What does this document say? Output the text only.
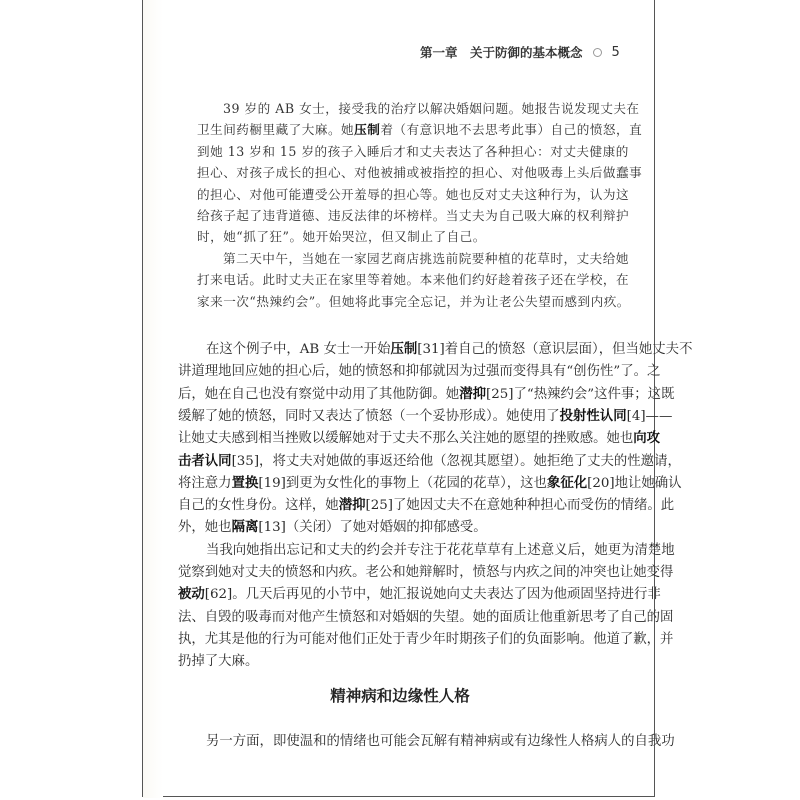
第一章　关于防御的基本概念 5
39 岁的 AB 女士，接受我的治疗以解决婚姻问题。她报告说发现丈夫在
卫生间药橱里藏了大麻。她压制着（有意识地不去思考此事）自己的愤怒，直
到她 13 岁和 15 岁的孩子入睡后才和丈夫表达了各种担心：对丈夫健康的
担心、对孩子成长的担心、对他被捕或被指控的担心、对他吸毒上头后做蠢事
的担心、对他可能遭受公开羞辱的担心等。她也反对丈夫这种行为，认为这
给孩子起了违背道德、违反法律的坏榜样。当丈夫为自己吸大麻的权利辩护
时，她“抓了狂”。她开始哭泣，但又制止了自己。
第二天中午，当她在一家园艺商店挑选前院要种植的花草时，丈夫给她
打来电话。此时丈夫正在家里等着她。本来他们约好趁着孩子还在学校，在
家来一次“热辣约会”。但她将此事完全忘记，并为让老公失望而感到内疚。
在这个例子中，AB 女士一开始压制[31]着自己的愤怒（意识层面），但当她丈夫不
讲道理地回应她的担心后，她的愤怒和抑郁就因为过强而变得具有“创伤性”了。之
后，她在自己也没有察觉中动用了其他防御。她潜抑[25]了“热辣约会”这件事；这既
缓解了她的愤怒，同时又表达了愤怒（一个妥协形成）。她使用了投射性认同[4]——
让她丈夫感到相当挫败以缓解她对于丈夫不那么关注她的愿望的挫败感。她也向攻
击者认同[35]，将丈夫对她做的事返还给他（忽视其愿望）。她拒绝了丈夫的性邀请，
将注意力置换[19]到更为女性化的事物上（花园的花草），这也象征化[20]地让她确认
自己的女性身份。这样，她潜抑[25]了她因丈夫不在意她种种担心而受伤的情绪。此
外，她也隔离[13]（关闭）了她对婚姻的抑郁感受。
当我向她指出忘记和丈夫的约会并专注于花花草草有上述意义后，她更为清楚地
觉察到她对丈夫的愤怒和内疚。老公和她辩解时，愤怒与内疚之间的冲突也让她变得
被动[62]。几天后再见的小节中，她汇报说她向丈夫表达了因为他顽固坚持进行非
法、自毁的吸毒而对他产生愤怒和对婚姻的失望。她的面质让他重新思考了自己的固
执，尤其是他的行为可能对他们正处于青少年时期孩子们的负面影响。他道了歉，并
扔掉了大麻。
精神病和边缘性人格
另一方面，即使温和的情绪也可能会瓦解有精神病或有边缘性人格病人的自我功
